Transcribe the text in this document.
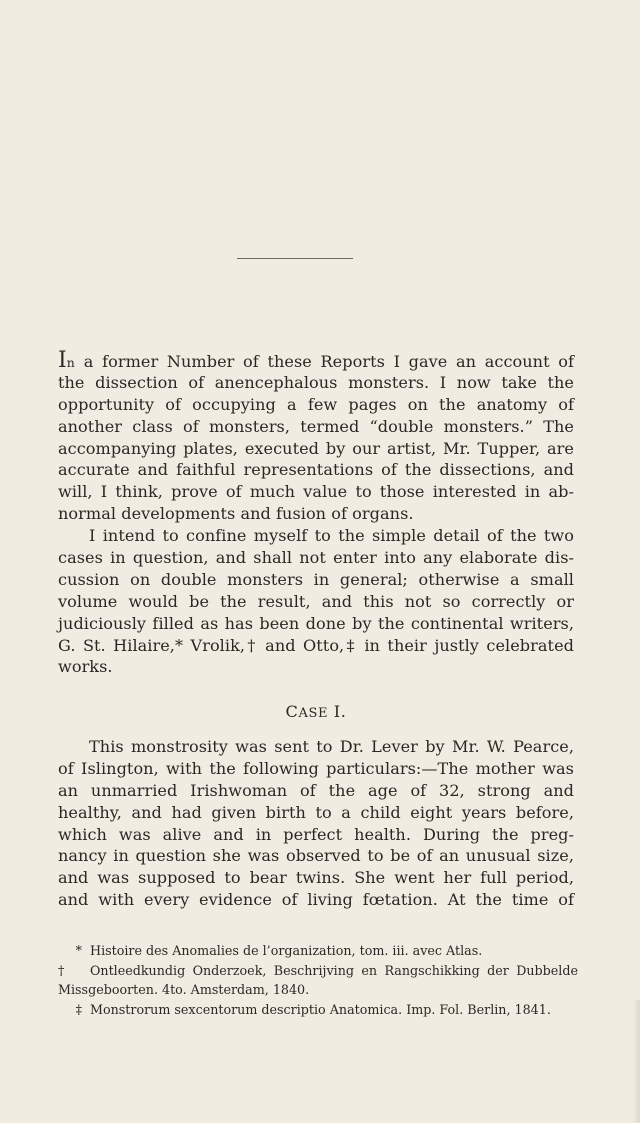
In a former Number of these Reports I gave an account of
the dissection of anencephalous monsters. I now take the
opportunity of occupying a few pages on the anatomy of
another class of monsters, termed “double monsters.” The
accompanying plates, executed by our artist, Mr. Tupper, are
accurate and faithful representations of the dissections, and
will, I think, prove of much value to those interested in ab-
normal developments and fusion of organs.
I intend to confine myself to the simple detail of the two
cases in question, and shall not enter into any elaborate dis-
cussion on double monsters in general; otherwise a small
volume would be the result, and this not so correctly or
judiciously filled as has been done by the continental writers,
G. St. Hilaire,* Vrolik,† and Otto,‡ in their justly celebrated
works.
CASE I.
This monstrosity was sent to Dr. Lever by Mr. W. Pearce,
of Islington, with the following particulars:—The mother was
an unmarried Irishwoman of the age of 32, strong and
healthy, and had given birth to a child eight years before,
which was alive and in perfect health. During the preg-
nancy in question she was observed to be of an unusual size,
and was supposed to bear twins. She went her full period,
and with every evidence of living fœtation. At the time of
* Histoire des Anomalies de l’organization, tom. iii. avec Atlas.
† Ontleedkundig Onderzoek, Beschrijving en Rangschikking der Dubbelde
Missgeboorten. 4to. Amsterdam, 1840.
‡ Monstrorum sexcentorum descriptio Anatomica. Imp. Fol. Berlin, 1841.
